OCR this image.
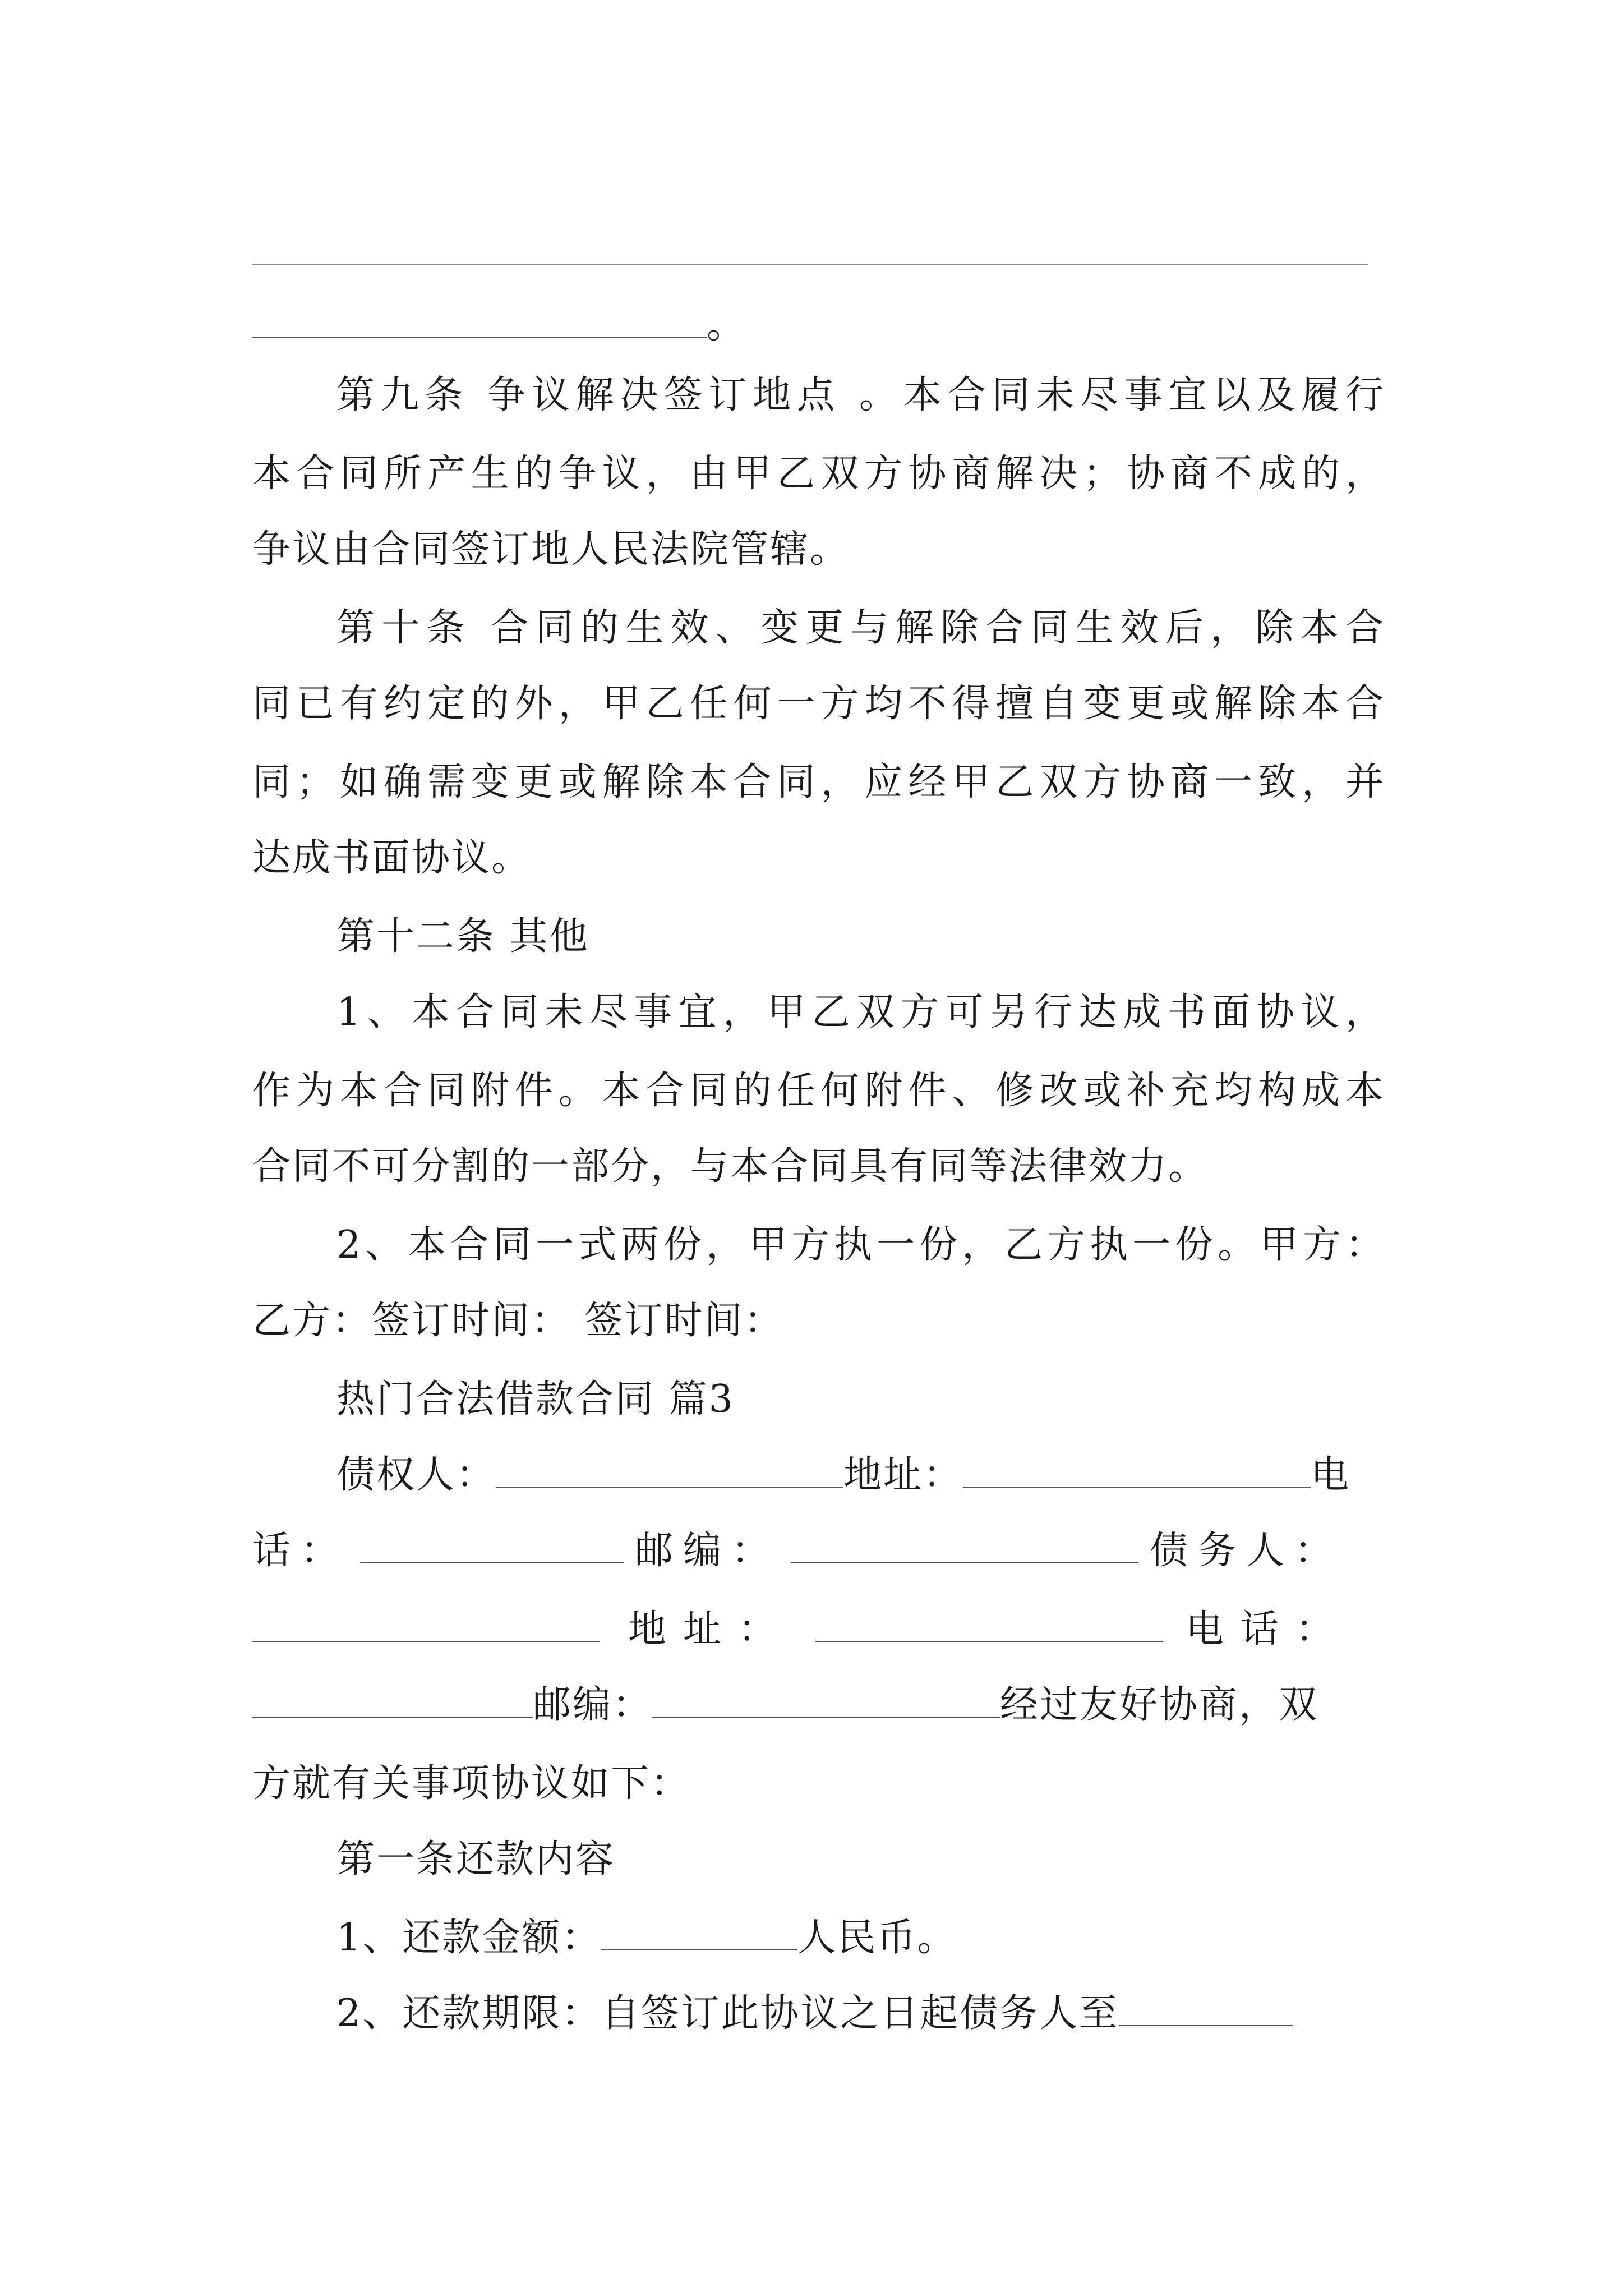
。
第九条 争议解决签订地点 。本合同未尽事宜以及履行
本合同所产生的争议，由甲乙双方协商解决；协商不成的，
争议由合同签订地人民法院管辖。
第十条 合同的生效、变更与解除合同生效后，除本合
同已有约定的外，甲乙任何一方均不得擅自变更或解除本合
同；如确需变更或解除本合同，应经甲乙双方协商一致，并
达成书面协议。
第十二条 其他
1、本合同未尽事宜，甲乙双方可另行达成书面协议，
作为本合同附件。本合同的任何附件、修改或补充均构成本
合同不可分割的一部分，与本合同具有同等法律效力。
2、本合同一式两份，甲方执一份，乙方执一份。甲方：
乙方：签订时间： 签订时间：
热门合法借款合同 篇3
债权人：	地址：	电
话：	邮编：	债务人：
地址：	电话：
邮编：	经过友好协商，双
方就有关事项协议如下：
第一条还款内容
1、还款金额：	人民币。
2、还款期限：自签订此协议之日起债务人至
